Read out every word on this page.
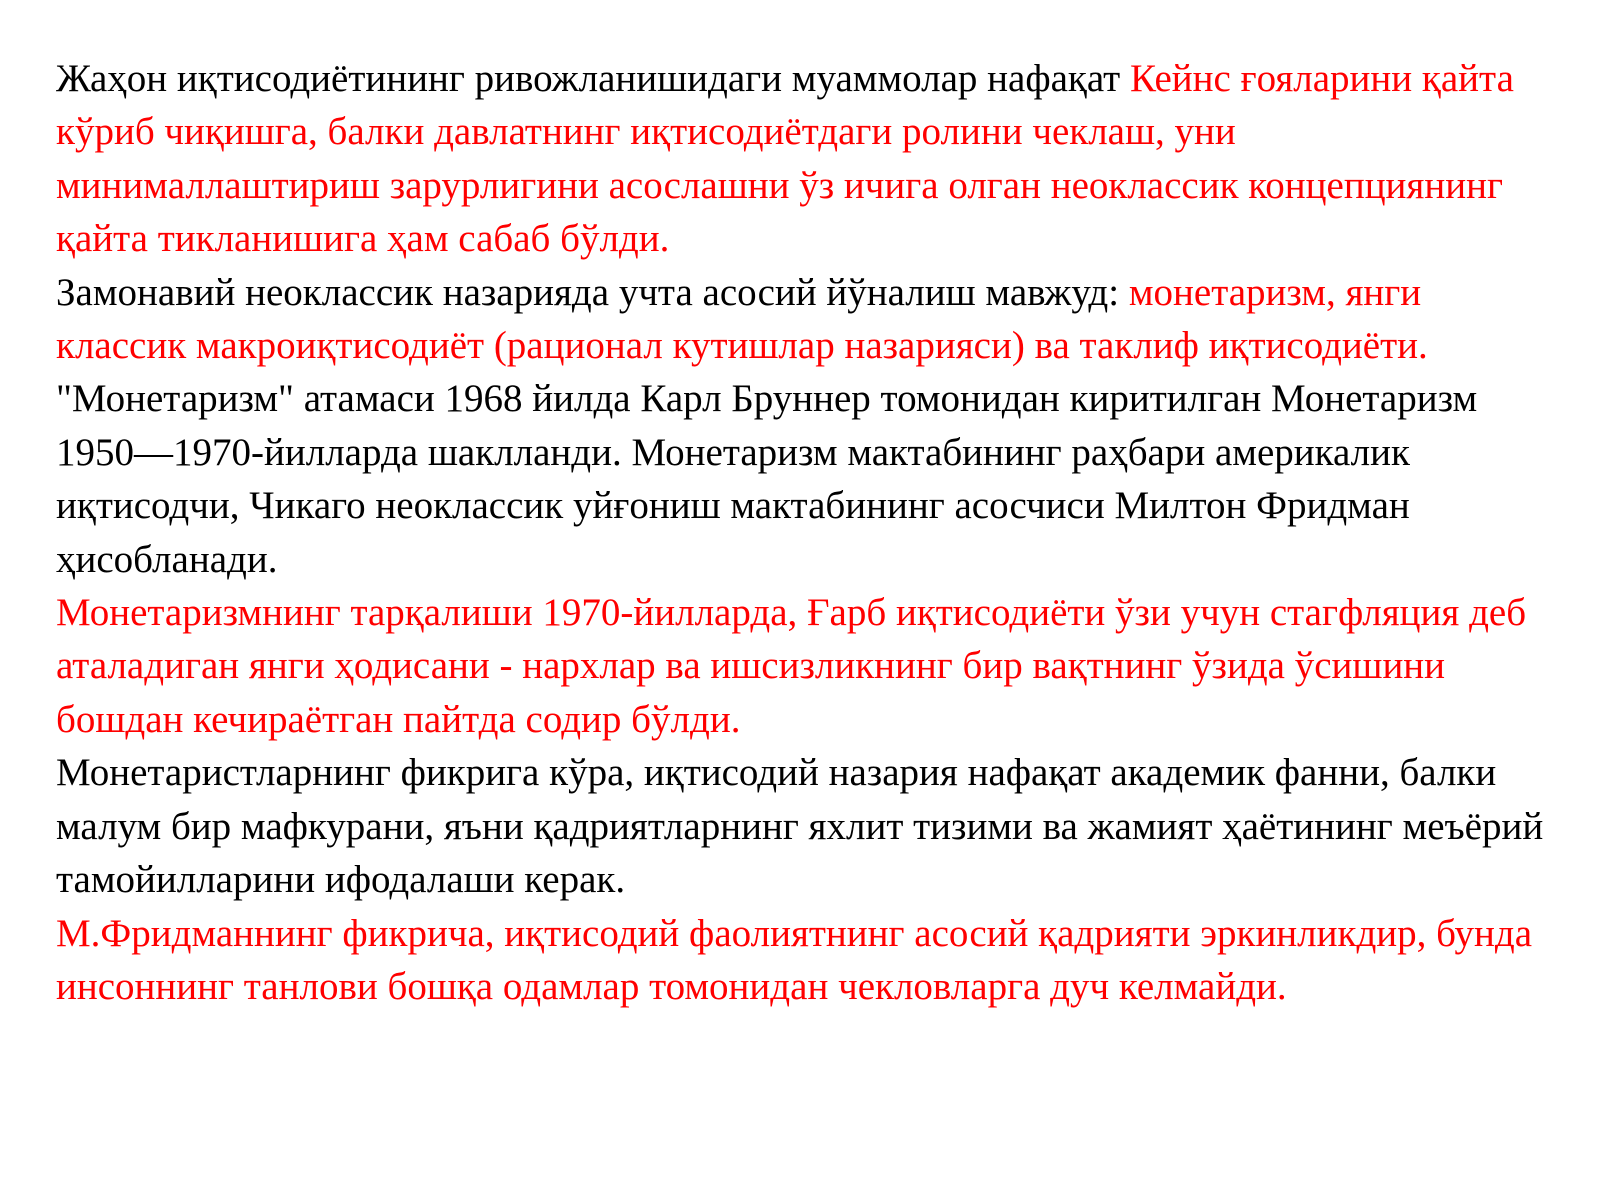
Жаҳон иқтисодиётининг ривожланишидаги муаммолар нафақат Кейнс ғояларини қайта кўриб чиқишга, балки давлатнинг иқтисодиётдаги ролини чеклаш, уни минималлаштириш зарурлигини асослашни ўз ичига олган неоклассик концепциянинг қайта тикланишига ҳам сабаб бўлди.

Замонавий неоклассик назарияда учта асосий йўналиш мавжуд: монетаризм, янги классик макроиқтисодиёт (рационал кутишлар назарияси) ва таклиф иқтисодиёти.

"Монетаризм" атамаси 1968 йилда Карл Бруннер томонидан киритилган Монетаризм 1950—1970-йилларда шаклланди. Монетаризм мактабининг раҳбари америкалик иқтисодчи, Чикаго неоклассик уйғониш мактабининг асосчиси Милтон Фридман ҳисобланади.

Монетаризмнинг тарқалиши 1970-йилларда, Ғарб иқтисодиёти ўзи учун стагфляция деб аталадиган янги ҳодисани - нархлар ва ишсизликнинг бир вақтнинг ўзида ўсишини бошдан кечираётган пайтда содир бўлди.

Монетаристларнинг фикрига кўра, иқтисодий назария нафақат академик фанни, балки малум бир мафкурани, яъни қадриятларнинг яхлит тизими ва жамият ҳаётининг меъёрий тамойилларини ифодалаши керак.

М.Фридманнинг фикрича, иқтисодий фаолиятнинг асосий қадрияти эркинликдир, бунда инсоннинг танлови бошқа одамлар томонидан чекловларга дуч келмайди.
